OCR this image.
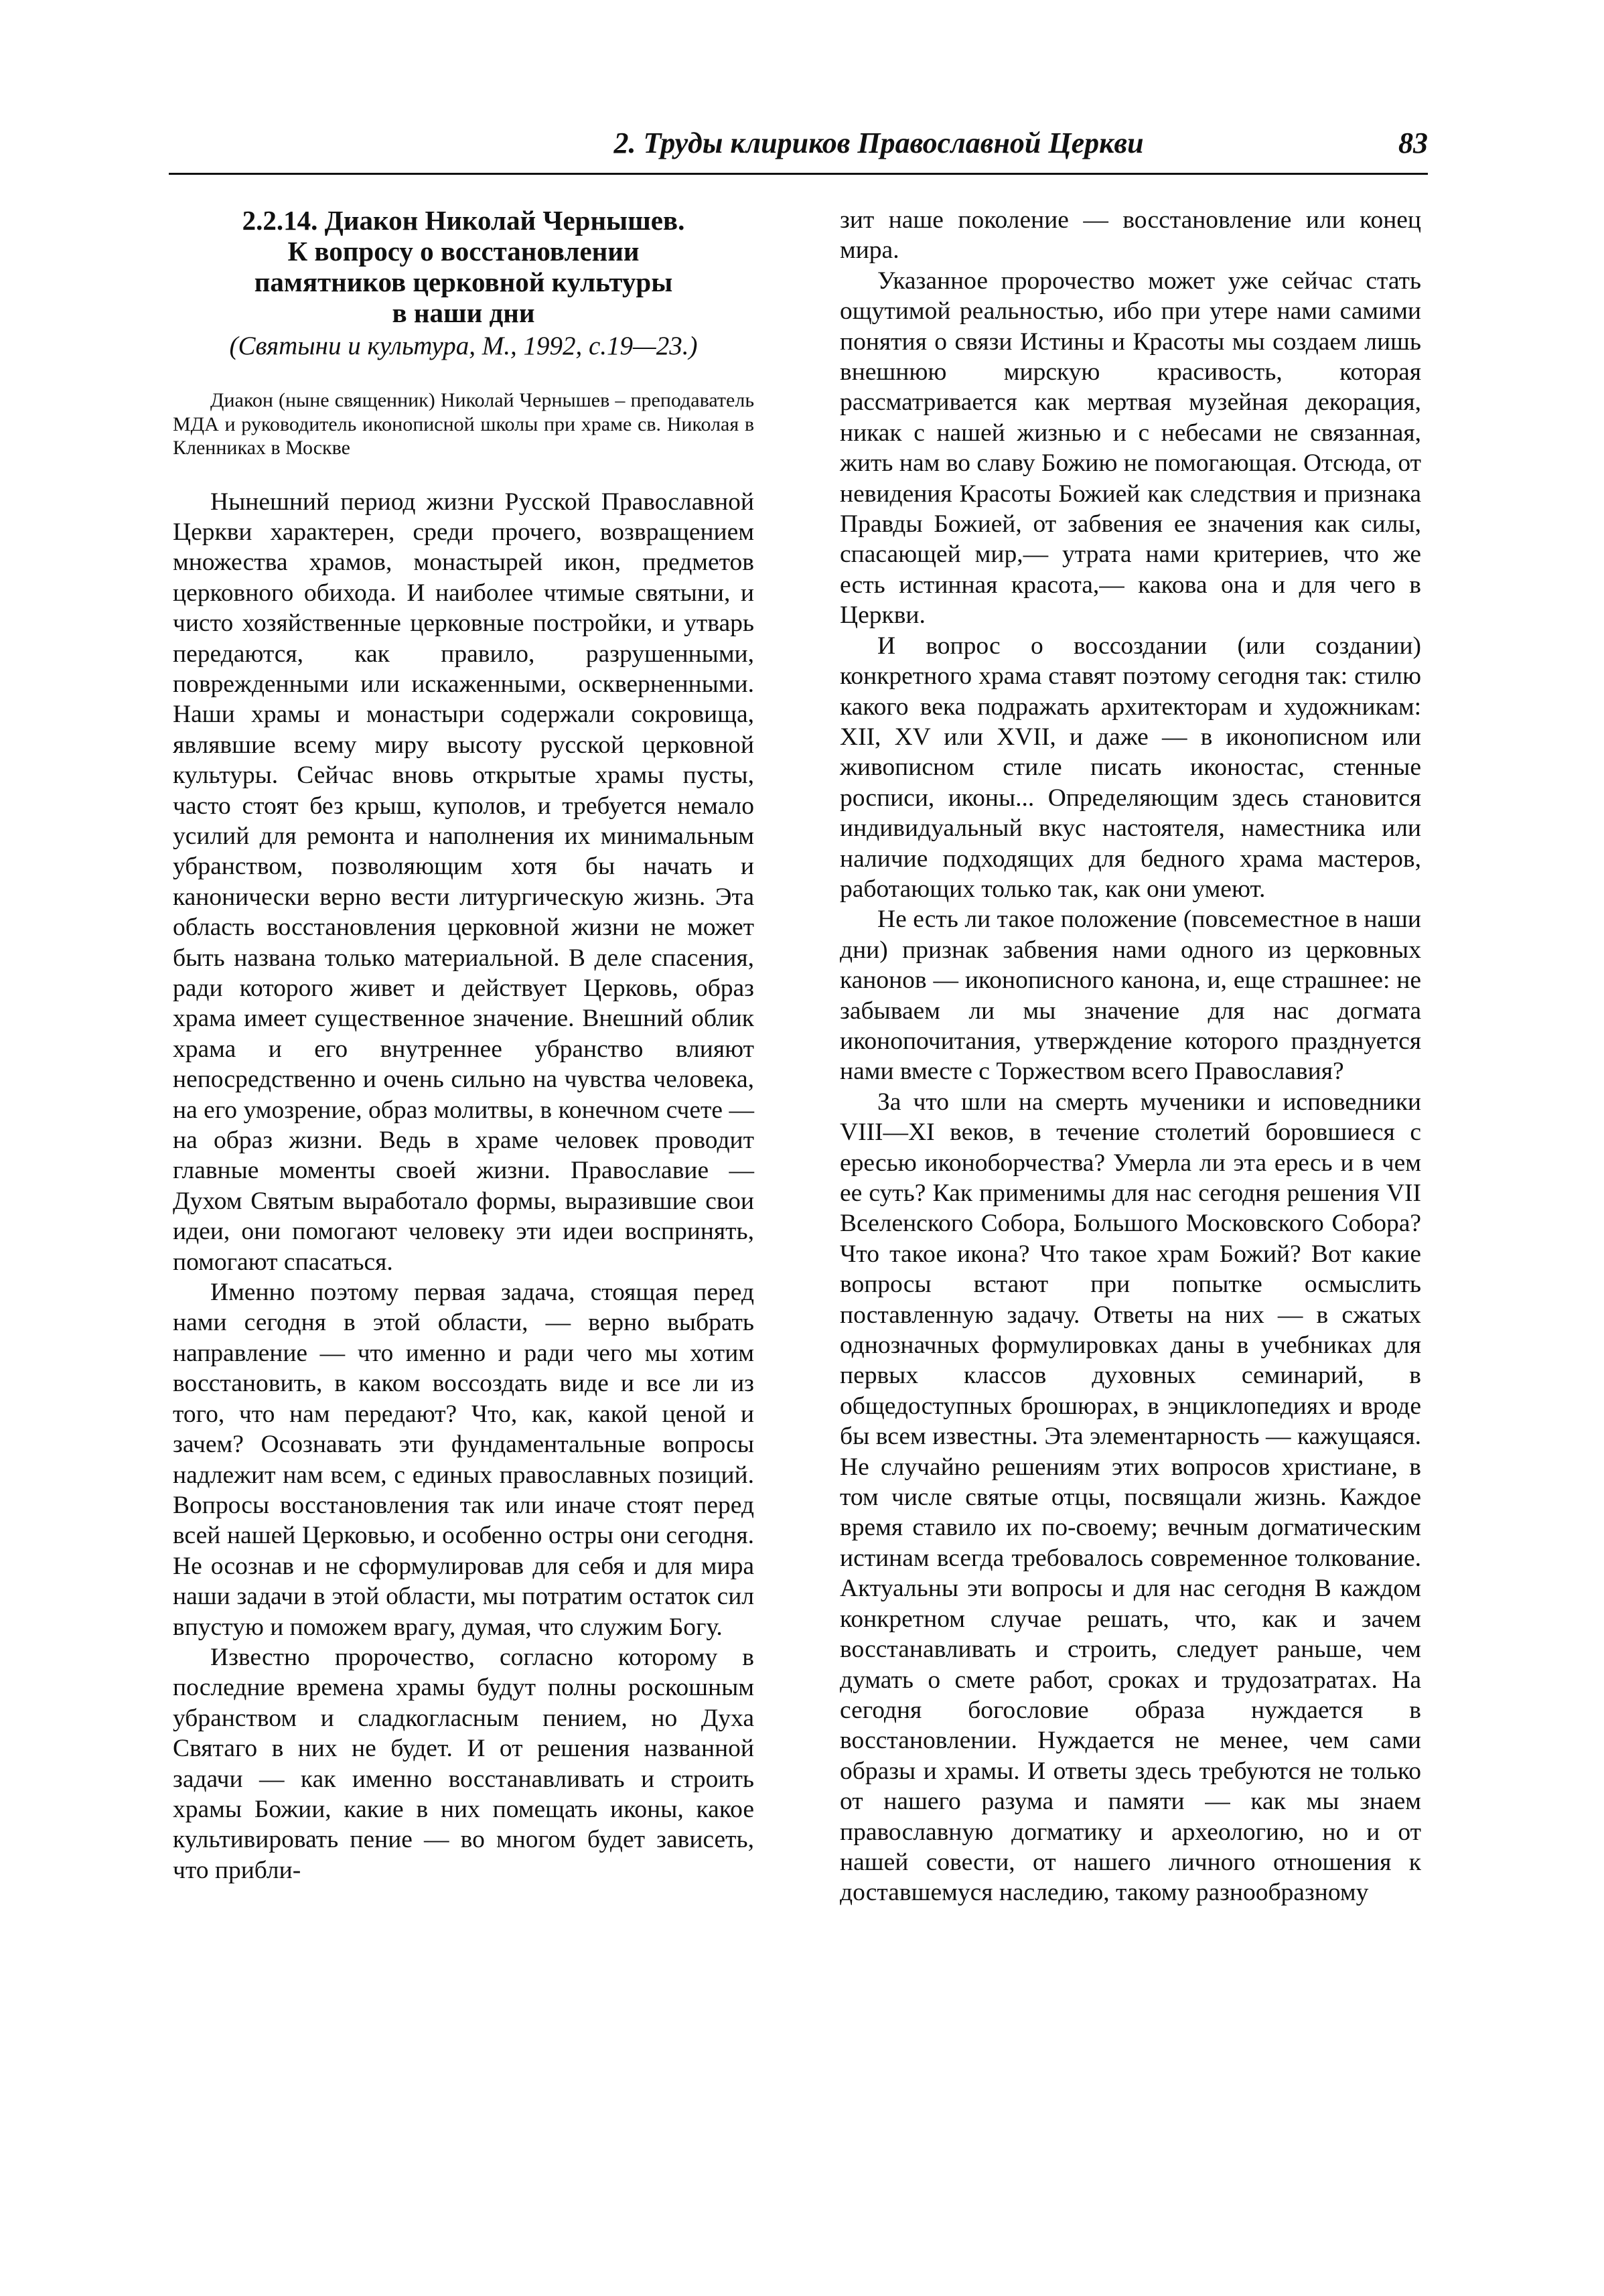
2. Труды клириков Православной Церкви	83

2.2.14. Диакон Николай Чернышев.
К вопросу о восстановлении
памятников церковной культуры
в наши дни

(Святыни и культура, М., 1992, с.19—23.)

Диакон (ныне священник) Николай Чернышев – преподаватель МДА и руководитель иконописной школы при храме св. Николая в Кленниках в Москве

Нынешний период жизни Русской Православной Церкви характерен, среди прочего, возвращением множества храмов, монастырей икон, предметов церковного обихода. И наиболее чтимые святыни, и чисто хозяйственные церковные постройки, и утварь передаются, как правило, разрушенными, поврежденными или искаженными, оскверненными. Наши храмы и монастыри содержали сокровища, являвшие всему миру высоту русской церковной культуры. Сейчас вновь открытые храмы пусты, часто стоят без крыш, куполов, и требуется немало усилий для ремонта и наполнения их минимальным убранством, позволяющим хотя бы начать и канонически верно вести литургическую жизнь. Эта область восстановления церковной жизни не может быть названа только материальной. В деле спасения, ради которого живет и действует Церковь, образ храма имеет существенное значение. Внешний облик храма и его внутреннее убранство влияют непосредственно и очень сильно на чувства человека, на его умозрение, образ молитвы, в конечном счете — на образ жизни. Ведь в храме человек проводит главные моменты своей жизни. Православие — Духом Святым выработало формы, выразившие свои идеи, они помогают человеку эти идеи воспринять, помогают спасаться.

Именно поэтому первая задача, стоящая перед нами сегодня в этой области, — верно выбрать направление — что именно и ради чего мы хотим восстановить, в каком воссоздать виде и все ли из того, что нам передают? Что, как, какой ценой и зачем? Осознавать эти фундаментальные вопросы надлежит нам всем, с единых православных позиций. Вопросы восстановления так или иначе стоят перед всей нашей Церковью, и особенно остры они сегодня. Не осознав и не сформулировав для себя и для мира наши задачи в этой области, мы потратим остаток сил впустую и поможем врагу, думая, что служим Богу.

Известно пророчество, согласно которому в последние времена храмы будут полны роскошным убранством и сладкогласным пением, но Духа Святаго в них не будет. И от решения названной задачи — как именно восстанавливать и строить храмы Божии, какие в них помещать иконы, какое культивировать пение — во многом будет зависеть, что прибли-

зит наше поколение — восстановление или конец мира.

Указанное пророчество может уже сейчас стать ощутимой реальностью, ибо при утере нами самими понятия о связи Истины и Красоты мы создаем лишь внешнюю мирскую красивость, которая рассматривается как мертвая музейная декорация, никак с нашей жизнью и с небесами не связанная, жить нам во славу Божию не помогающая. Отсюда, от невидения Красоты Божией как следствия и признака Правды Божией, от забвения ее значения как силы, спасающей мир,— утрата нами критериев, что же есть истинная красота,— какова она и для чего в Церкви.

И вопрос о воссоздании (или создании) конкретного храма ставят поэтому сегодня так: стилю какого века подражать архитекторам и художникам: XII, XV или XVII, и даже — в иконописном или живописном стиле писать иконостас, стенные росписи, иконы... Определяющим здесь становится индивидуальный вкус настоятеля, наместника или наличие подходящих для бедного храма мастеров, работающих только так, как они умеют.

Не есть ли такое положение (повсеместное в наши дни) признак забвения нами одного из церковных канонов — иконописного канона, и, еще страшнее: не забываем ли мы значение для нас догмата иконопочитания, утверждение которого празднуется нами вместе с Торжеством всего Православия?

За что шли на смерть мученики и исповедники VIII—XI веков, в течение столетий боровшиеся с ересью иконоборчества? Умерла ли эта ересь и в чем ее суть? Как применимы для нас сегодня решения VII Вселенского Собора, Большого Московского Собора? Что такое икона? Что такое храм Божий? Вот какие вопросы встают при попытке осмыслить поставленную задачу. Ответы на них — в сжатых однозначных формулировках даны в учебниках для первых классов духовных семинарий, в общедоступных брошюрах, в энциклопедиях и вроде бы всем известны. Эта элементарность — кажущаяся. Не случайно решениям этих вопросов христиане, в том числе святые отцы, посвящали жизнь. Каждое время ставило их по-своему; вечным догматическим истинам всегда требовалось современное толкование. Актуальны эти вопросы и для нас сегодня В каждом конкретном случае решать, что, как и зачем восстанавливать и строить, следует раньше, чем думать о смете работ, сроках и трудозатратах. На сегодня богословие образа нуждается в восстановлении. Нуждается не менее, чем сами образы и храмы. И ответы здесь требуются не только от нашего разума и памяти — как мы знаем православную догматику и археологию, но и от нашей совести, от нашего личного отношения к доставшемуся наследию, такому разнообразному
